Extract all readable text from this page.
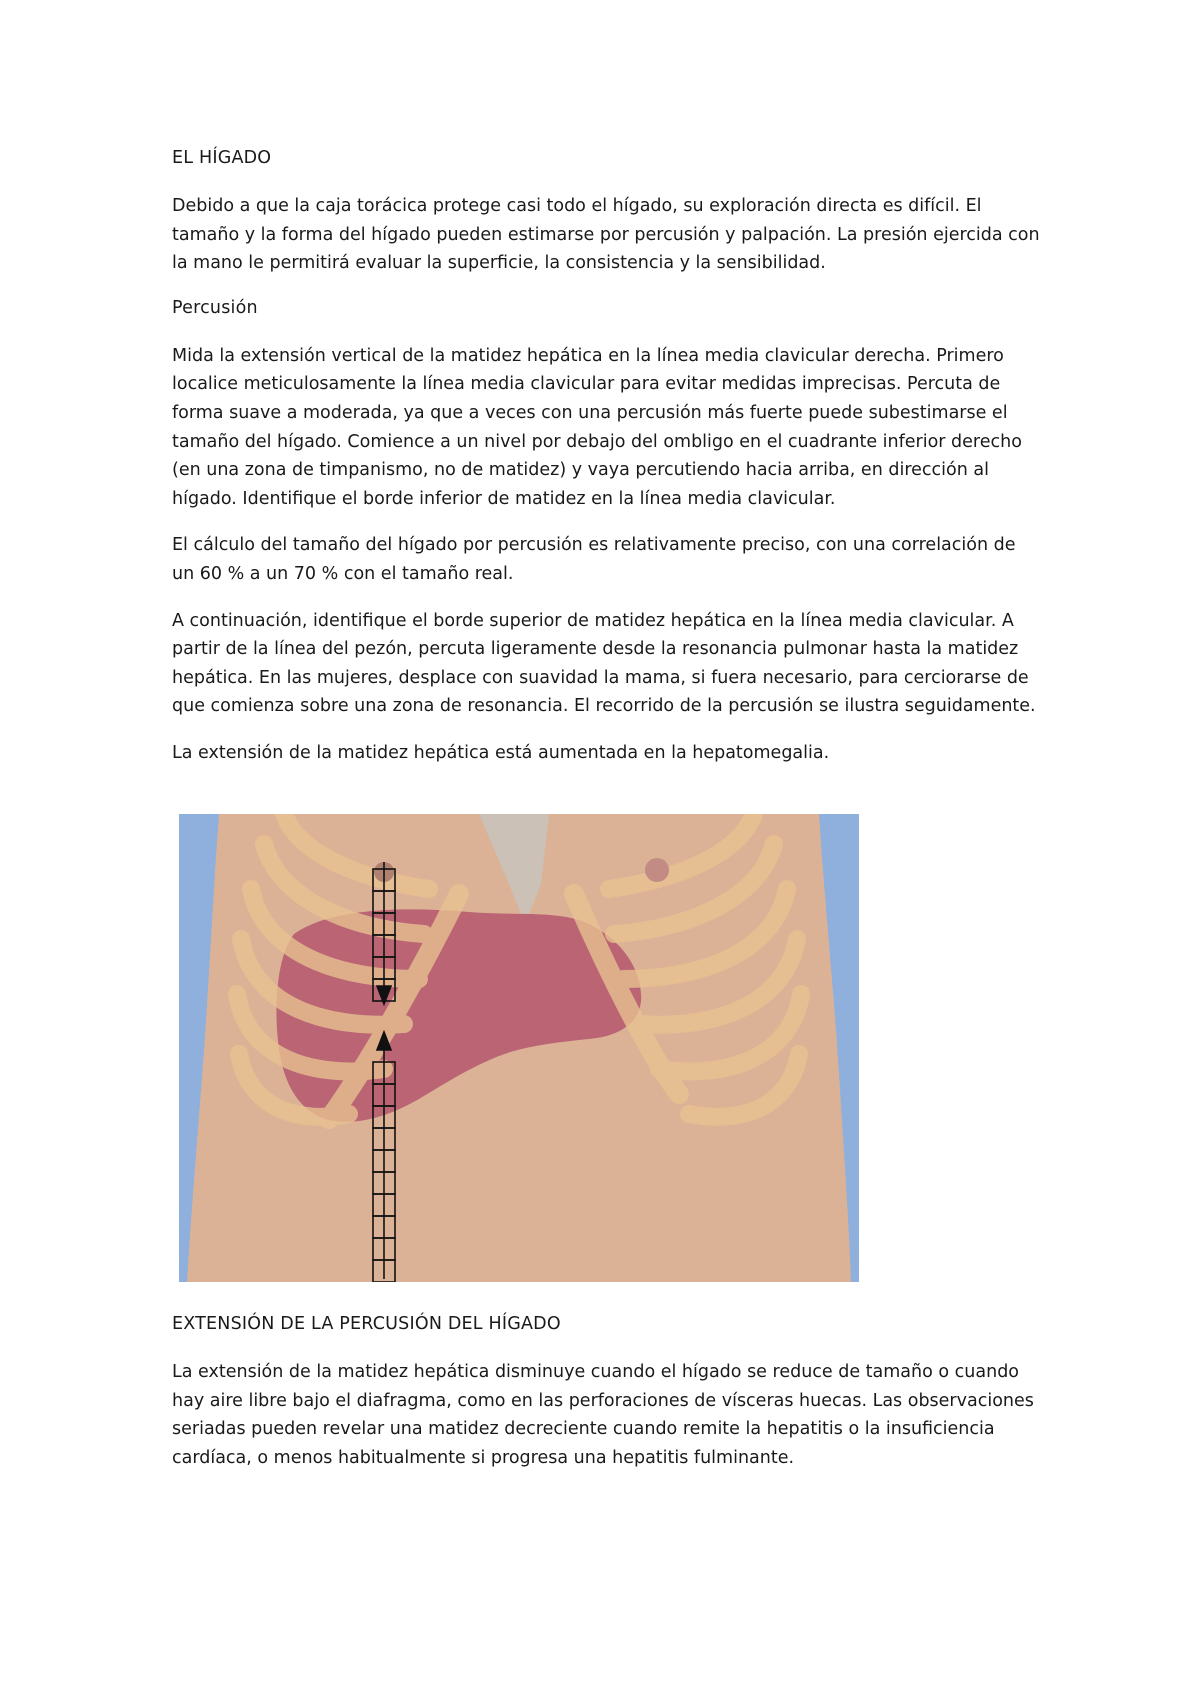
EL HÍGADO

Debido a que la caja torácica protege casi todo el hígado, su exploración directa es difícil. El tamaño y la forma del hígado pueden estimarse por percusión y palpación. La presión ejercida con la mano le permitirá evaluar la superficie, la consistencia y la sensibilidad.

Percusión

Mida la extensión vertical de la matidez hepática en la línea media clavicular derecha. Primero localice meticulosamente la línea media clavicular para evitar medidas imprecisas. Percuta de forma suave a moderada, ya que a veces con una percusión más fuerte puede subestimarse el tamaño del hígado. Comience a un nivel por debajo del ombligo en el cuadrante inferior derecho (en una zona de timpanismo, no de matidez) y vaya percutiendo hacia arriba, en dirección al hígado. Identifique el borde inferior de matidez en la línea media clavicular.

El cálculo del tamaño del hígado por percusión es relativamente preciso, con una correlación de un 60 % a un 70 % con el tamaño real.

A continuación, identifique el borde superior de matidez hepática en la línea media clavicular. A partir de la línea del pezón, percuta ligeramente desde la resonancia pulmonar hasta la matidez hepática. En las mujeres, desplace con suavidad la mama, si fuera necesario, para cerciorarse de que comienza sobre una zona de resonancia. El recorrido de la percusión se ilustra seguidamente.

La extensión de la matidez hepática está aumentada en la hepatomegalia.

EXTENSIÓN DE LA PERCUSIÓN DEL HÍGADO

La extensión de la matidez hepática disminuye cuando el hígado se reduce de tamaño o cuando hay aire libre bajo el diafragma, como en las perforaciones de vísceras huecas. Las observaciones seriadas pueden revelar una matidez decreciente cuando remite la hepatitis o la insuficiencia cardíaca, o menos habitualmente si progresa una hepatitis fulminante.
